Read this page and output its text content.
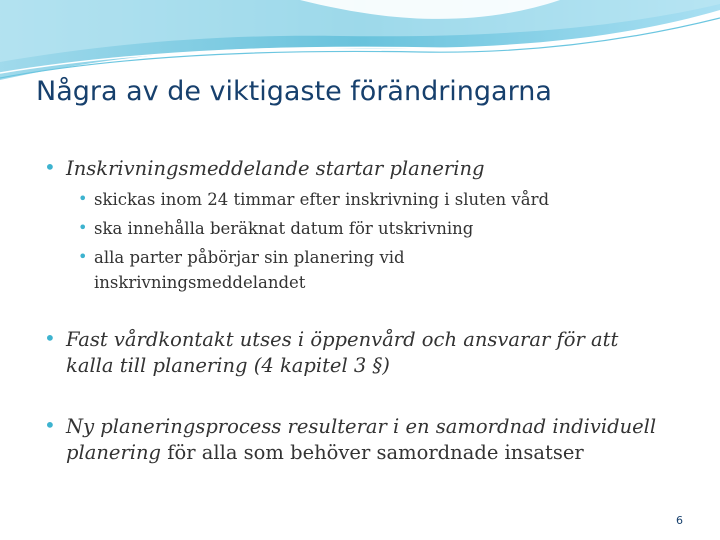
Några av de viktigaste förändringarna
• Inskrivningsmeddelande startar planering
• skickas inom 24 timmar efter inskrivning i sluten vård
• ska innehålla beräknat datum för utskrivning
• alla parter påbörjar sin planering vid
inskrivningsmeddelandet
• Fast vårdkontakt utses i öppenvård och ansvarar för att
kalla till planering (4 kapitel 3 §)
• Ny planeringsprocess resulterar i en samordnad individuell
planering för alla som behöver samordnade insatser
6
